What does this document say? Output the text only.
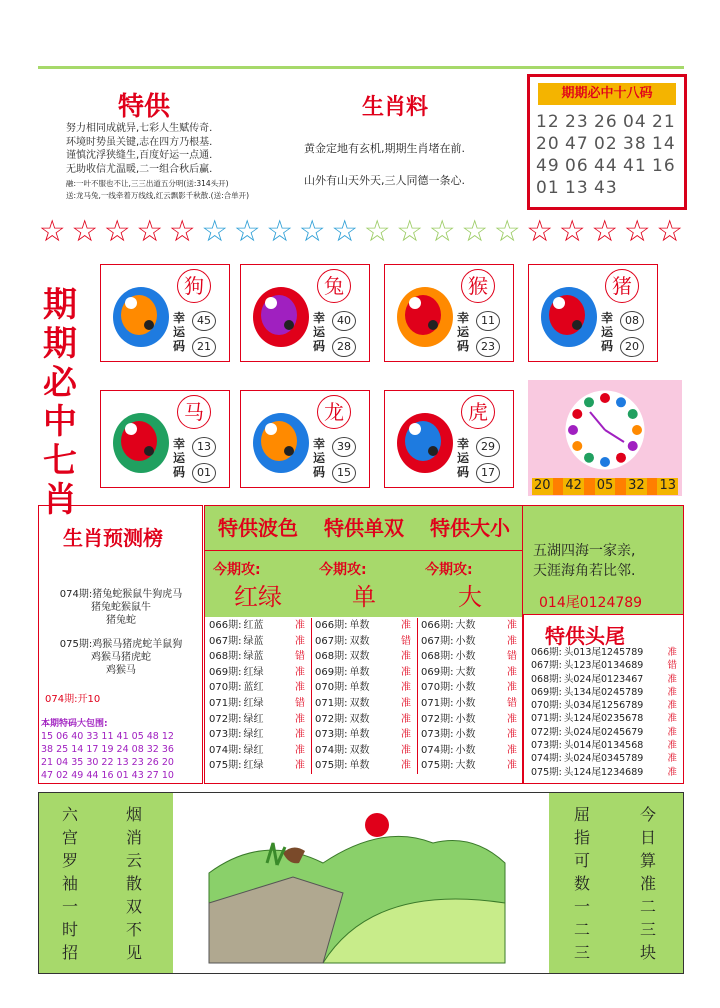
特供
努力相同成就异,七彩人生赋传奇.
环境时势虽关键,志在四方乃根基.
谨慎沈浮狭缝生,百度好运一点通.
无助收信尤温暖,二一组合秋后赢.
融:一叶不服也不让,三三出道五分明(送:314头开)
送:龙马兔,一线牵着万线线,红云飘影千秋散.(送:合单开)
生肖料
黄金定地有玄机,期期生肖堵在前.
山外有山天外天,三人同德一条心.
期期必中十八码
12 23 26 04 21
20 47 02 38 14
49 06 44 41 16
01 13 43
☆ ☆ ☆ ☆ ☆ ☆ ☆ ☆ ☆ ☆ ☆ ☆ ☆ ☆ ☆ ☆ ☆ ☆ ☆ ☆
期
期
必
中
七
肖
狗
幸运码
45
21
兔
幸运码
40
28
猴
幸运码
11
23
猪
幸运码
08
20
马
幸运码
13
01
龙
幸运码
39
15
虎
幸运码
29
17
20 42 05 32 13
生肖预测榜
074期:猪兔蛇猴鼠牛狗虎马
猪兔蛇猴鼠牛
猪兔蛇
075期:鸡猴马猪虎蛇羊鼠狗
鸡猴马猪虎蛇
鸡猴马
074期:开10
本期特码大包围:
15 06 40 33 11 41 05 48 12
38 25 14 17 19 24 08 32 36
21 04 35 30 22 13 23 26 20
47 02 49 44 16 01 43 27 10
特供波色	特供单双	特供大小
今期攻:
红绿
今期攻:
单
今期攻:
大
066期: 红蓝	准
067期: 绿蓝	准
068期: 绿蓝	错
069期: 红绿	准
070期: 蓝红	准
071期: 红绿	错
072期: 绿红	准
073期: 绿红	准
074期: 绿红	准
075期: 红绿	准
066期: 单数	准
067期: 双数	错
068期: 双数	准
069期: 单数	准
070期: 单数	准
071期: 双数	准
072期: 双数	准
073期: 单数	准
074期: 双数	准
075期: 单数	准
066期: 大数	准
067期: 小数	准
068期: 小数	错
069期: 大数	准
070期: 小数	准
071期: 小数	错
072期: 小数	准
073期: 小数	准
074期: 小数	准
075期: 大数	准
五湖四海一家亲,
天涯海角若比邻.
014尾0124789
特供头尾
066期: 头013尾1245789	准
067期: 头123尾0134689	错
068期: 头024尾0123467	准
069期: 头134尾0245789	准
070期: 头034尾1256789	准
071期: 头124尾0235678	准
072期: 头024尾0245679	准
073期: 头014尾0134568	准
074期: 头024尾0345789	准
075期: 头124尾1234689	准
六
宫
罗
袖
一
时
招
烟
消
云
散
双
不
见
屈
指
可
数
一
二
三
今
日
算
准
二
三
块
